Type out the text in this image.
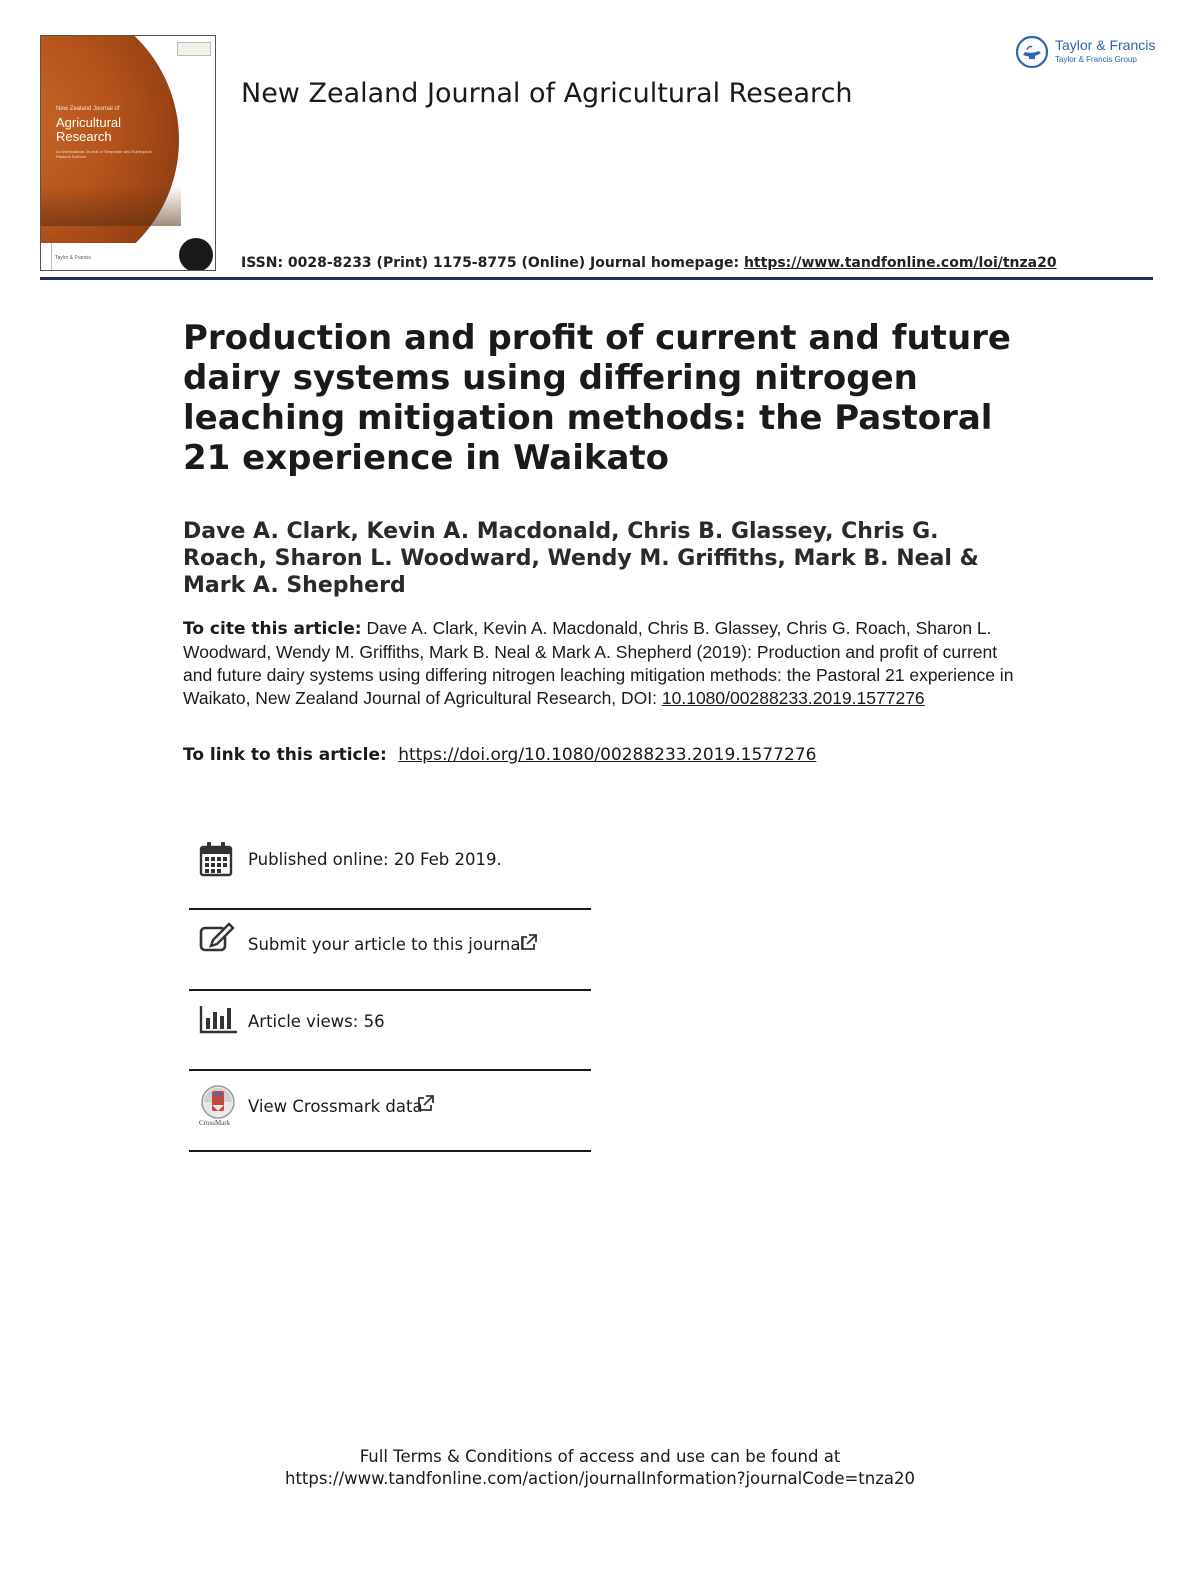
New Zealand Journal of
Agricultural Research
An International Journal of Temperate and Subtropical Pastoral Science
Taylor & Francis
New Zealand Journal of Agricultural Research
Taylor & Francis
Taylor & Francis Group
ISSN: 0028-8233 (Print) 1175-8775 (Online) Journal homepage: https://www.tandfonline.com/loi/tnza20
Production and profit of current and future dairy systems using differing nitrogen leaching mitigation methods: the Pastoral 21 experience in Waikato
Dave A. Clark, Kevin A. Macdonald, Chris B. Glassey, Chris G. Roach, Sharon L. Woodward, Wendy M. Griffiths, Mark B. Neal & Mark A. Shepherd
To cite this article: Dave A. Clark, Kevin A. Macdonald, Chris B. Glassey, Chris G. Roach, Sharon L. Woodward, Wendy M. Griffiths, Mark B. Neal & Mark A. Shepherd (2019): Production and profit of current and future dairy systems using differing nitrogen leaching mitigation methods: the Pastoral 21 experience in Waikato, New Zealand Journal of Agricultural Research, DOI: 10.1080/00288233.2019.1577276
To link to this article: https://doi.org/10.1080/00288233.2019.1577276
Published online: 20 Feb 2019.
Submit your article to this journal
Article views: 56
CrossMark
View Crossmark data
Full Terms & Conditions of access and use can be found at
https://www.tandfonline.com/action/journalInformation?journalCode=tnza20
